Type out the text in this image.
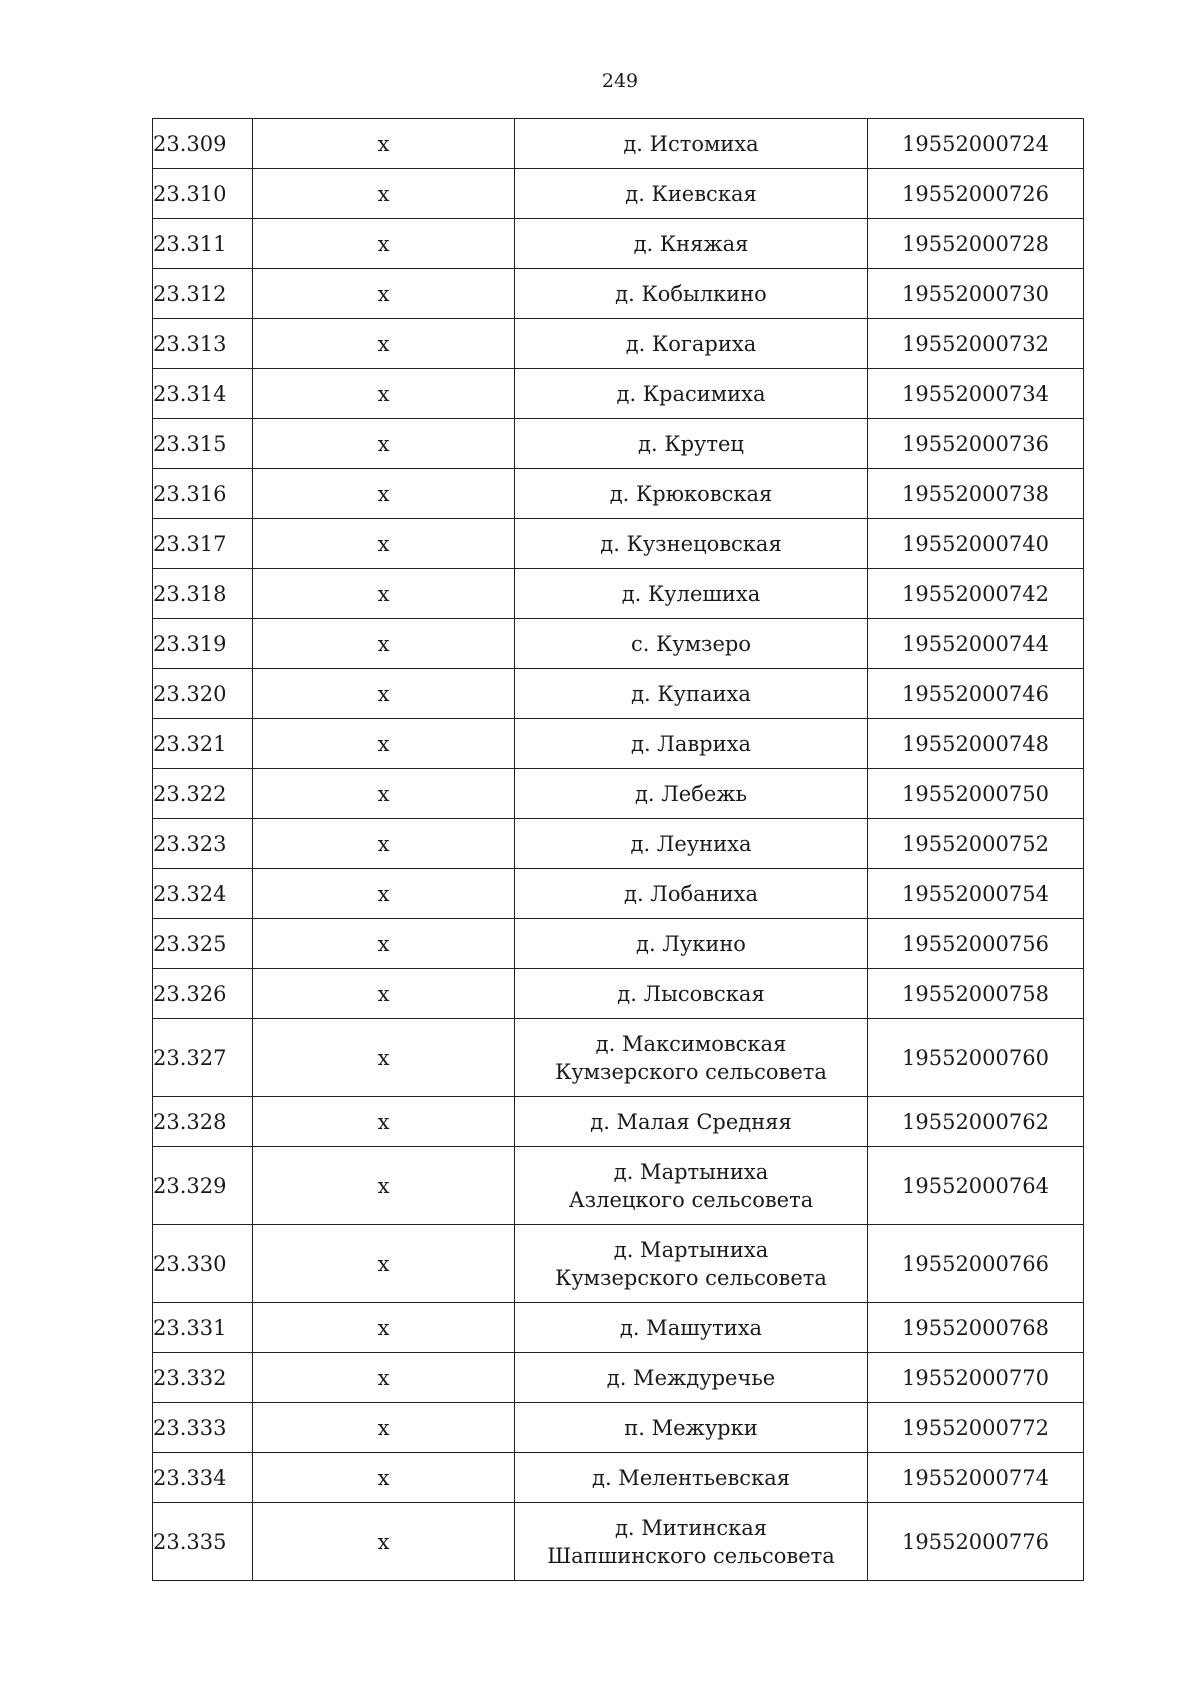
249
23.309	x	д. Истомиха	19552000724
23.310	x	д. Киевская	19552000726
23.311	x	д. Княжая	19552000728
23.312	x	д. Кобылкино	19552000730
23.313	x	д. Когариха	19552000732
23.314	x	д. Красимиха	19552000734
23.315	x	д. Крутец	19552000736
23.316	x	д. Крюковская	19552000738
23.317	x	д. Кузнецовская	19552000740
23.318	x	д. Кулешиха	19552000742
23.319	x	с. Кумзеро	19552000744
23.320	x	д. Купаиха	19552000746
23.321	x	д. Лавриха	19552000748
23.322	x	д. Лебежь	19552000750
23.323	x	д. Леуниха	19552000752
23.324	x	д. Лобаниха	19552000754
23.325	x	д. Лукино	19552000756
23.326	x	д. Лысовская	19552000758
23.327	x	д. Максимовская
Кумзерского сельсовета	19552000760
23.328	x	д. Малая Средняя	19552000762
23.329	x	д. Мартыниха
Азлецкого сельсовета	19552000764
23.330	x	д. Мартыниха
Кумзерского сельсовета	19552000766
23.331	x	д. Машутиха	19552000768
23.332	x	д. Междуречье	19552000770
23.333	x	п. Межурки	19552000772
23.334	x	д. Мелентьевская	19552000774
23.335	x	д. Митинская
Шапшинского сельсовета	19552000776
